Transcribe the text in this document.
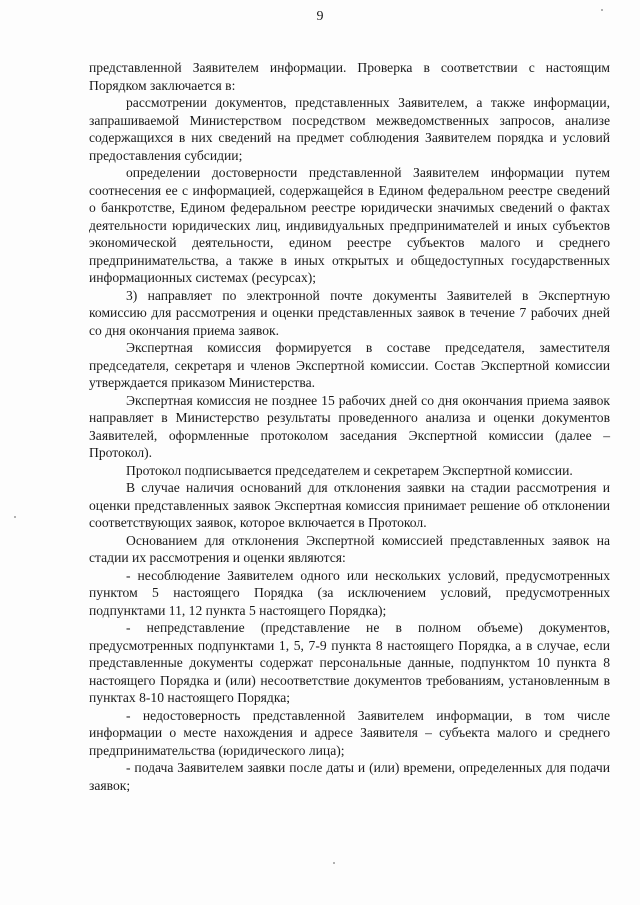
9

представленной Заявителем информации. Проверка в соответствии с настоящим Порядком заключается в:

рассмотрении документов, представленных Заявителем, а также информации, запрашиваемой Министерством посредством межведомственных запросов, анализе содержащихся в них сведений на предмет соблюдения Заявителем порядка и условий предоставления субсидии;

определении достоверности представленной Заявителем информации путем соотнесения ее с информацией, содержащейся в Едином федеральном реестре сведений о банкротстве, Едином федеральном реестре юридически значимых сведений о фактах деятельности юридических лиц, индивидуальных предпринимателей и иных субъектов экономической деятельности, едином реестре субъектов малого и среднего предпринимательства, а также в иных открытых и общедоступных государственных информационных системах (ресурсах);

3) направляет по электронной почте документы Заявителей в Экспертную комиссию для рассмотрения и оценки представленных заявок в течение 7 рабочих дней со дня окончания приема заявок.

Экспертная комиссия формируется в составе председателя, заместителя председателя, секретаря и членов Экспертной комиссии. Состав Экспертной комиссии утверждается приказом Министерства.

Экспертная комиссия не позднее 15 рабочих дней со дня окончания приема заявок направляет в Министерство результаты проведенного анализа и оценки документов Заявителей, оформленные протоколом заседания Экспертной комиссии (далее – Протокол).

Протокол подписывается председателем и секретарем Экспертной комиссии.

В случае наличия оснований для отклонения заявки на стадии рассмотрения и оценки представленных заявок Экспертная комиссия принимает решение об отклонении соответствующих заявок, которое включается в Протокол.

Основанием для отклонения Экспертной комиссией представленных заявок на стадии их рассмотрения и оценки являются:

- несоблюдение Заявителем одного или нескольких условий, предусмотренных пунктом 5 настоящего Порядка (за исключением условий, предусмотренных подпунктами 11, 12 пункта 5 настоящего Порядка);

- непредставление (представление не в полном объеме) документов, предусмотренных подпунктами 1, 5, 7-9 пункта 8 настоящего Порядка, а в случае, если представленные документы содержат персональные данные, подпунктом 10 пункта 8 настоящего Порядка и (или) несоответствие документов требованиям, установленным в пунктах 8-10 настоящего Порядка;

- недостоверность представленной Заявителем информации, в том числе информации о месте нахождения и адресе Заявителя – субъекта малого и среднего предпринимательства (юридического лица);

- подача Заявителем заявки после даты и (или) времени, определенных для подачи заявок;
